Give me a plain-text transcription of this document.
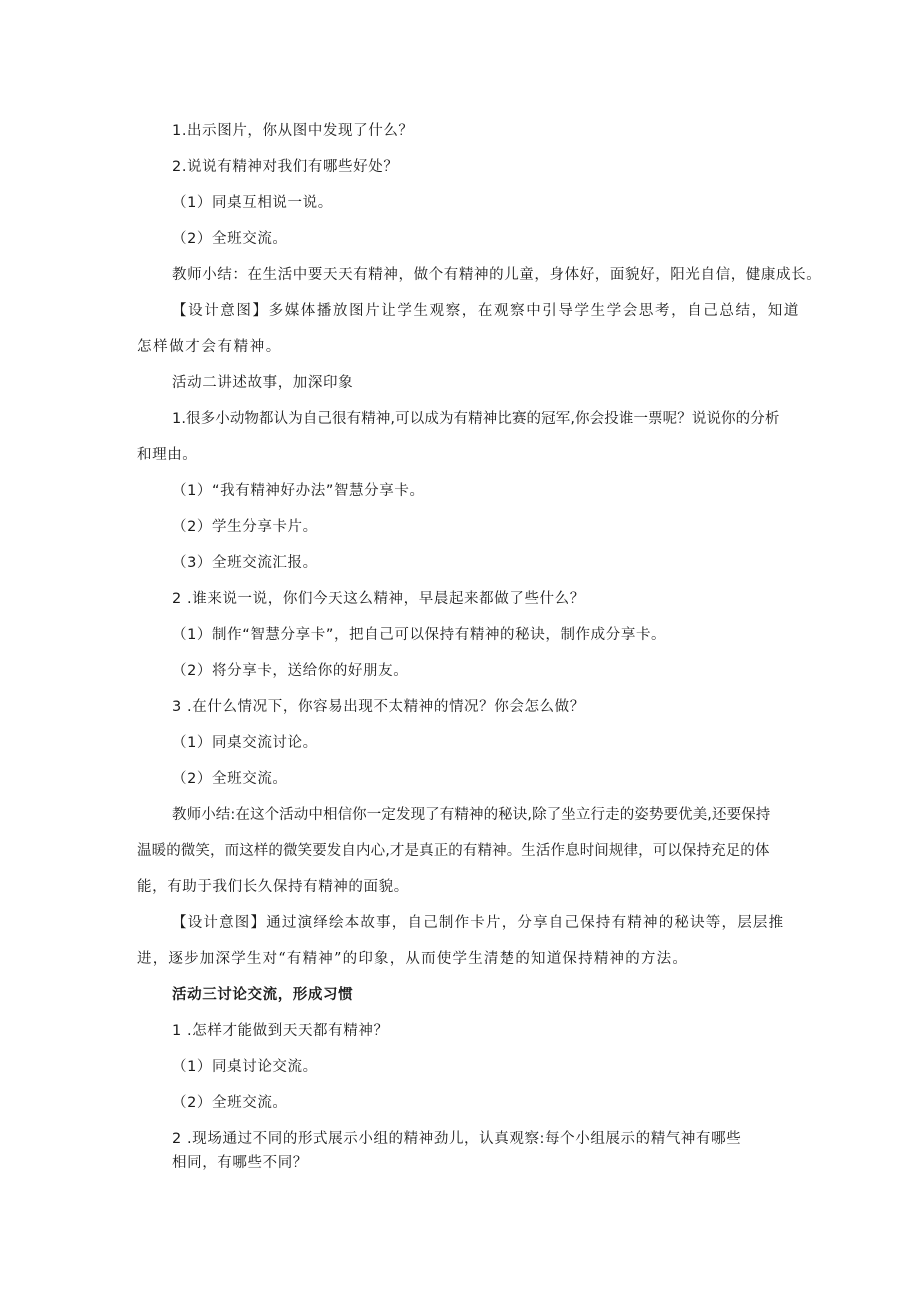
1.出示图片，你从图中发现了什么？
2.说说有精神对我们有哪些好处？
（1）同桌互相说一说。
（2）全班交流。
教师小结：在生活中要天天有精神，做个有精神的儿童，身体好，面貌好，阳光自信，健康成长。
【设计意图】多媒体播放图片让学生观察，在观察中引导学生学会思考，自己总结，知道
怎样做才会有精神。
活动二讲述故事，加深印象
1.很多小动物都认为自己很有精神,可以成为有精神比赛的冠军,你会投谁一票呢？说说你的分析
和理由。
（1）“我有精神好办法”智慧分享卡。
（2）学生分享卡片。
（3）全班交流汇报。
2 .谁来说一说，你们今天这么精神，早晨起来都做了些什么？
（1）制作“智慧分享卡”，把自己可以保持有精神的秘诀，制作成分享卡。
（2）将分享卡，送给你的好朋友。
3 .在什么情况下，你容易出现不太精神的情况？你会怎么做？
（1）同桌交流讨论。
（2）全班交流。
教师小结:在这个活动中相信你一定发现了有精神的秘诀,除了坐立行走的姿势要优美,还要保持
温暖的微笑，而这样的微笑要发自内心,才是真正的有精神。生活作息时间规律，可以保持充足的体
能，有助于我们长久保持有精神的面貌。
【设计意图】通过演绎绘本故事，自己制作卡片，分享自己保持有精神的秘诀等，层层推
进，逐步加深学生对“有精神”的印象，从而使学生清楚的知道保持精神的方法。
活动三讨论交流，形成习惯
1 .怎样才能做到天天都有精神？
（1）同桌讨论交流。
（2）全班交流。
2 .现场通过不同的形式展示小组的精神劲儿，认真观察:每个小组展示的精气神有哪些
相同，有哪些不同？
